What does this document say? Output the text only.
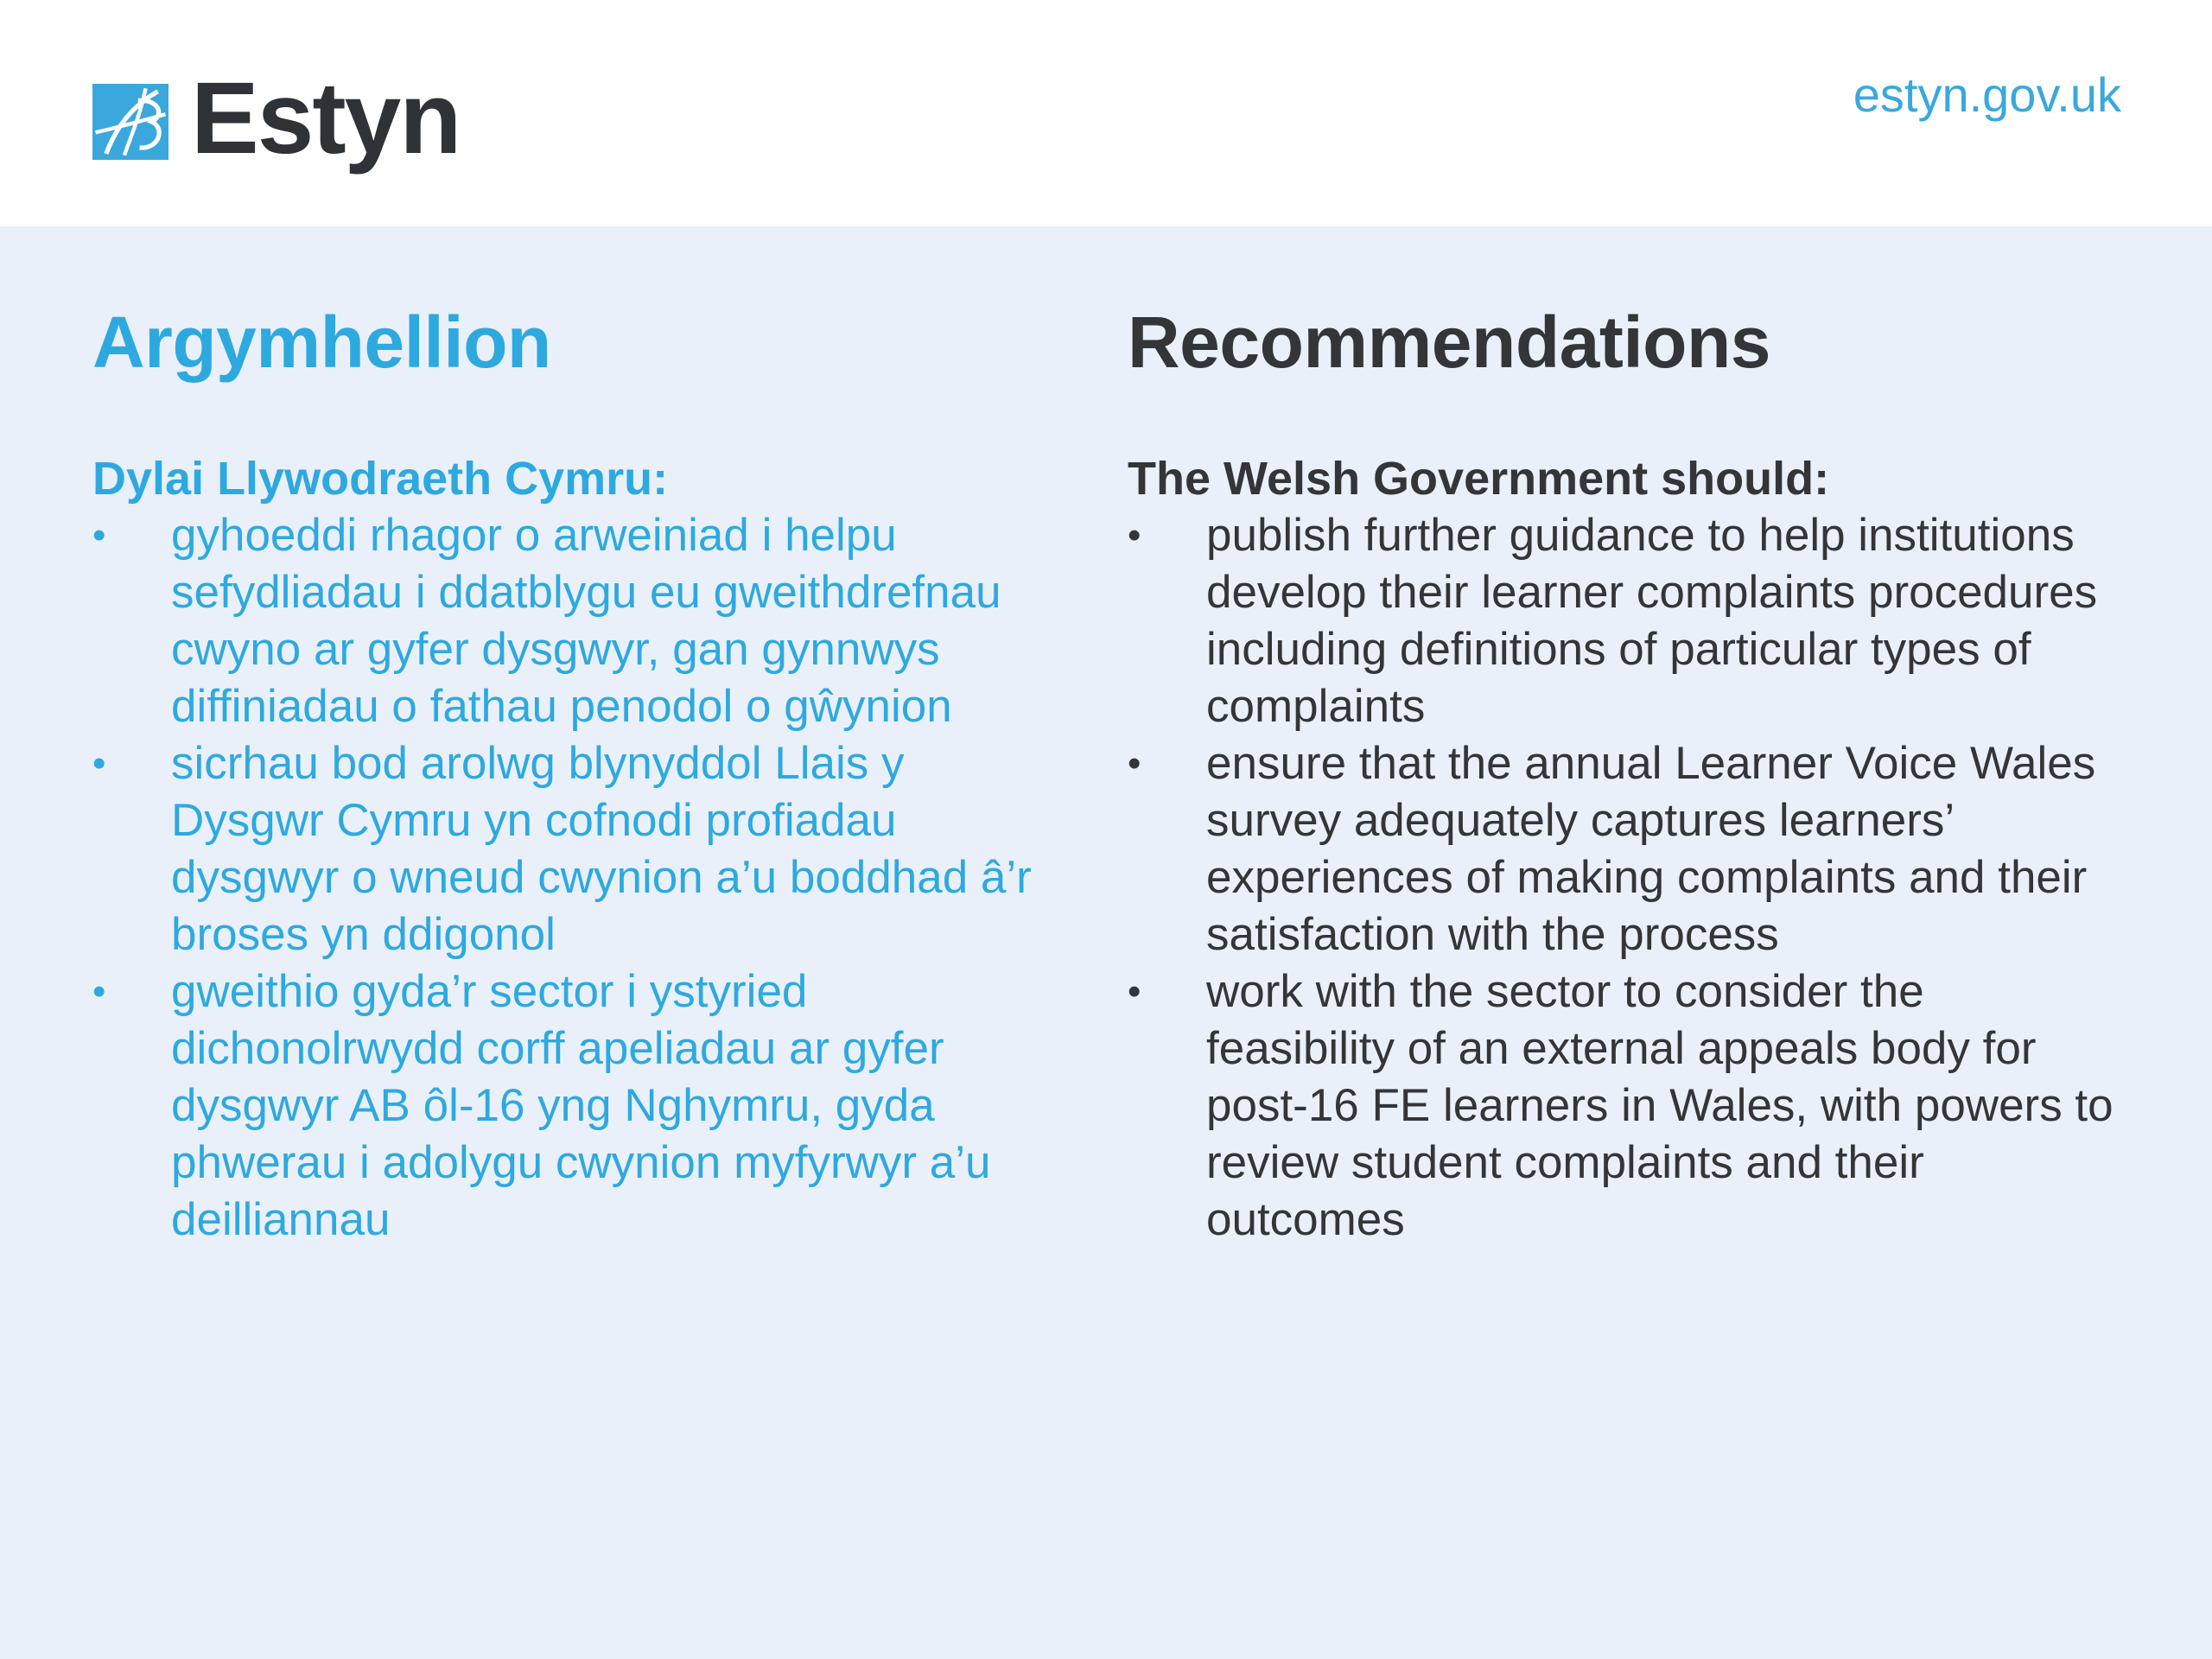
Estyn	estyn.gov.uk
Argymhellion
Dylai Llywodraeth Cymru:
•	gyhoeddi rhagor o arweiniad i helpu sefydliadau i ddatblygu eu gweithdrefnau cwyno ar gyfer dysgwyr, gan gynnwys diffiniadau o fathau penodol o gŵynion
•	sicrhau bod arolwg blynyddol Llais y Dysgwr Cymru yn cofnodi profiadau dysgwyr o wneud cwynion a’u boddhad â’r broses yn ddigonol
•	gweithio gyda’r sector i ystyried dichonolrwydd corff apeliadau ar gyfer dysgwyr AB ôl-16 yng Nghymru, gyda phwerau i adolygu cwynion myfyrwyr a’u deilliannau
Recommendations
The Welsh Government should:
•	publish further guidance to help institutions develop their learner complaints procedures including definitions of particular types of complaints
•	ensure that the annual Learner Voice Wales survey adequately captures learners’ experiences of making complaints and their satisfaction with the process
•	work with the sector to consider the feasibility of an external appeals body for post-16 FE learners in Wales, with powers to review student complaints and their outcomes
